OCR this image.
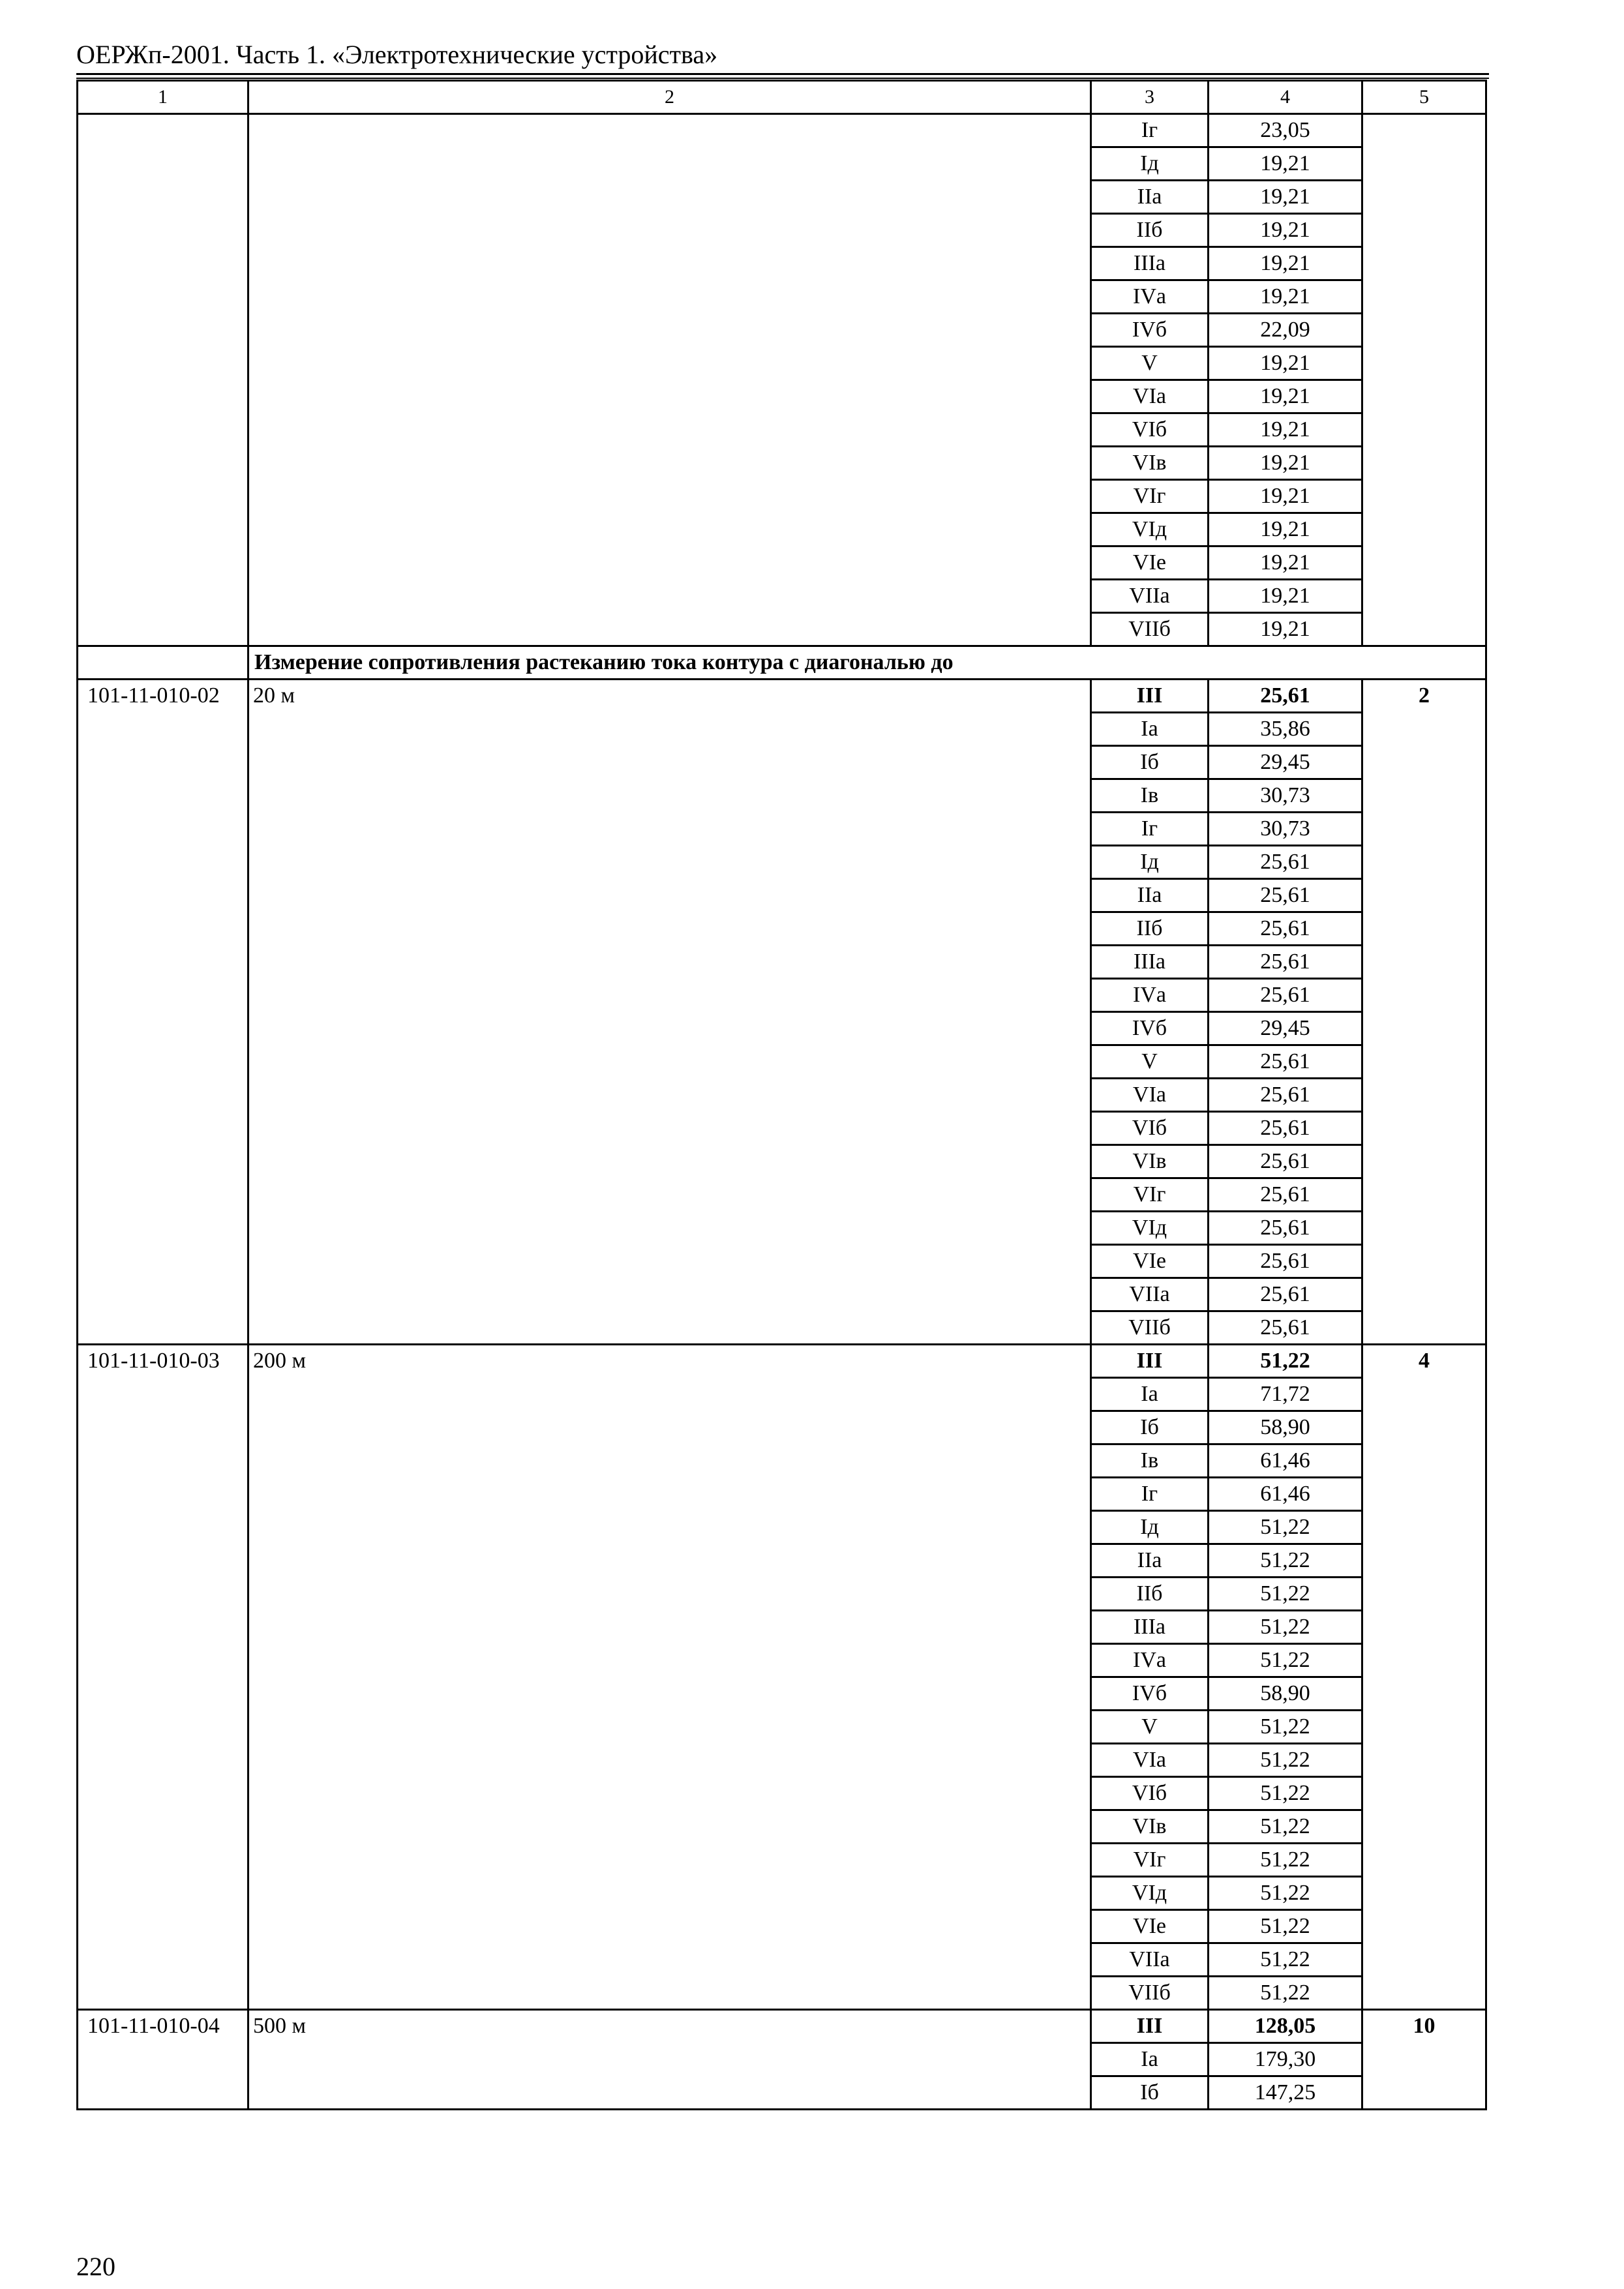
ОЕРЖп-2001. Часть 1. «Электротехнические устройства»
1	2	3	4	5
		Iг	23,05	
		Iд	19,21	
		IIа	19,21	
		IIб	19,21	
		IIIа	19,21	
		IVа	19,21	
		IVб	22,09	
		V	19,21	
		VIа	19,21	
		VIб	19,21	
		VIв	19,21	
		VIг	19,21	
		VIд	19,21	
		VIе	19,21	
		VIIа	19,21	
		VIIб	19,21	
	Измерение сопротивления растеканию тока контура с диагональю до			
101-11-010-02	20 м	III	25,61	2
		Iа	35,86	
		Iб	29,45	
		Iв	30,73	
		Iг	30,73	
		Iд	25,61	
		IIа	25,61	
		IIб	25,61	
		IIIа	25,61	
		IVа	25,61	
		IVб	29,45	
		V	25,61	
		VIа	25,61	
		VIб	25,61	
		VIв	25,61	
		VIг	25,61	
		VIд	25,61	
		VIе	25,61	
		VIIа	25,61	
		VIIб	25,61	
101-11-010-03	200 м	III	51,22	4
		Iа	71,72	
		Iб	58,90	
		Iв	61,46	
		Iг	61,46	
		Iд	51,22	
		IIа	51,22	
		IIб	51,22	
		IIIа	51,22	
		IVа	51,22	
		IVб	58,90	
		V	51,22	
		VIа	51,22	
		VIб	51,22	
		VIв	51,22	
		VIг	51,22	
		VIд	51,22	
		VIе	51,22	
		VIIа	51,22	
		VIIб	51,22	
101-11-010-04	500 м	III	128,05	10
		Iа	179,30	
		Iб	147,25	
220
